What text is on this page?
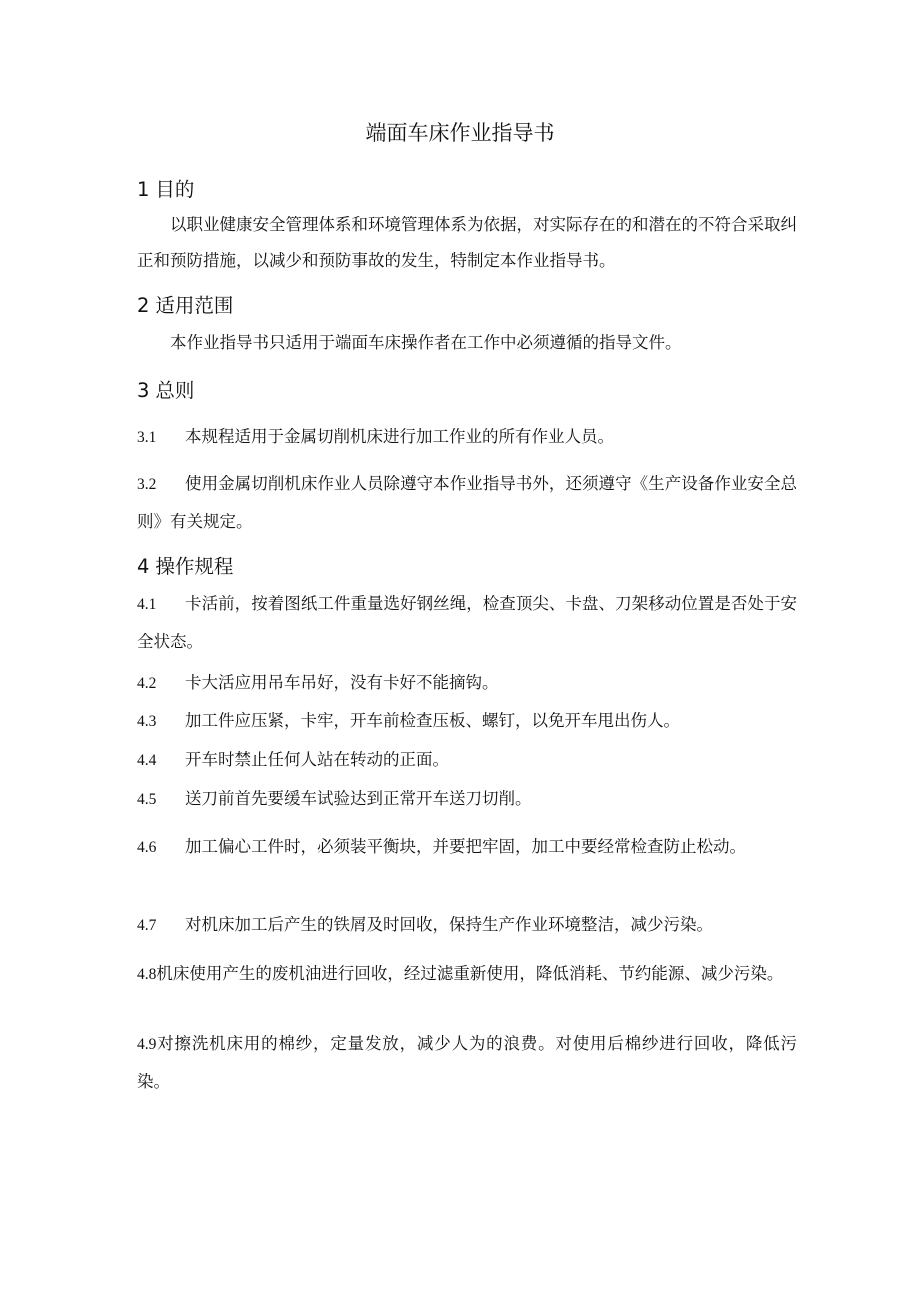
端面车床作业指导书
1 目的
以职业健康安全管理体系和环境管理体系为依据，对实际存在的和潜在的不符合采取纠正和预防措施，以减少和预防事故的发生，特制定本作业指导书。
2 适用范围
本作业指导书只适用于端面车床操作者在工作中必须遵循的指导文件。
3 总则
3.1 本规程适用于金属切削机床进行加工作业的所有作业人员。
3.2 使用金属切削机床作业人员除遵守本作业指导书外，还须遵守《生产设备作业安全总则》有关规定。
4 操作规程
4.1 卡活前，按着图纸工件重量选好钢丝绳，检查顶尖、卡盘、刀架移动位置是否处于安全状态。
4.2 卡大活应用吊车吊好，没有卡好不能摘钩。
4.3 加工件应压紧，卡牢，开车前检查压板、螺钉，以免开车甩出伤人。
4.4 开车时禁止任何人站在转动的正面。
4.5 送刀前首先要缓车试验达到正常开车送刀切削。
4.6 加工偏心工件时，必须装平衡块，并要把牢固，加工中要经常检查防止松动。
4.7 对机床加工后产生的铁屑及时回收，保持生产作业环境整洁，减少污染。
4.8机床使用产生的废机油进行回收，经过滤重新使用，降低消耗、节约能源、减少污染。
4.9对擦洗机床用的棉纱，定量发放，减少人为的浪费。对使用后棉纱进行回收，降低污染。
